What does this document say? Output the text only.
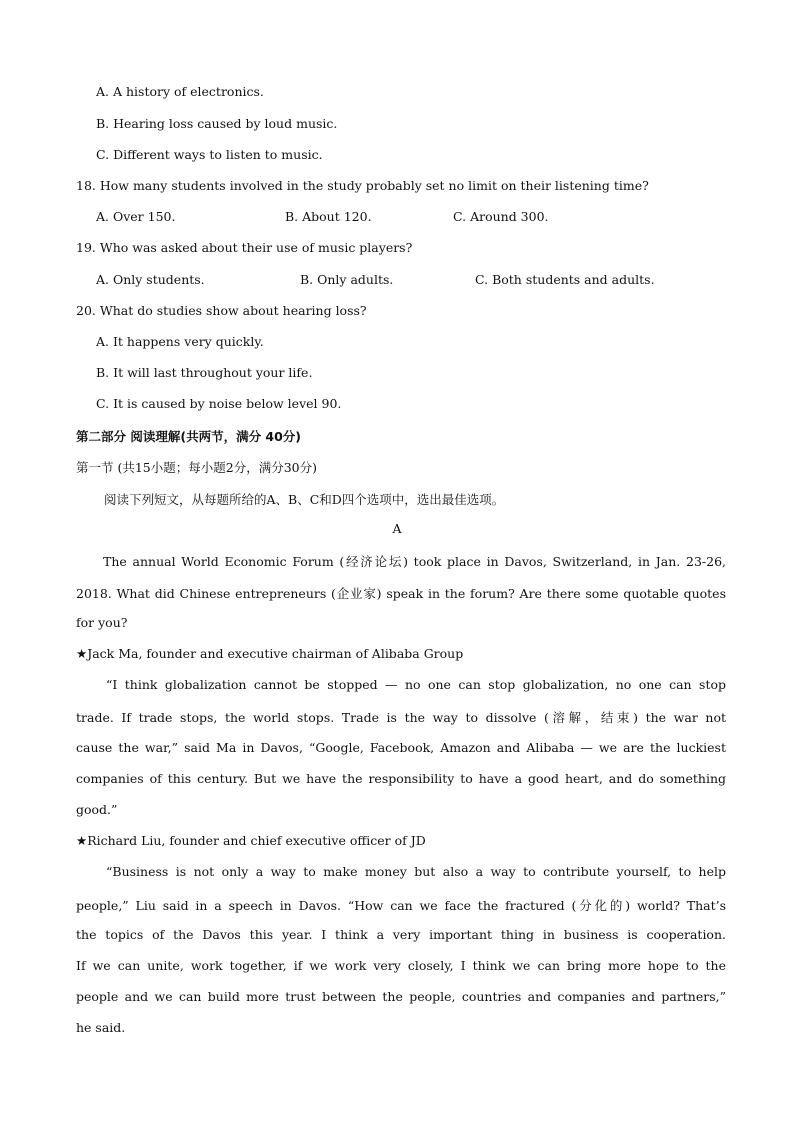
A. A history of electronics.
B. Hearing loss caused by loud music.
C. Different ways to listen to music.
18. How many students involved in the study probably set no limit on their listening time?
A. Over 150.	B. About 120.	C. Around 300.
19. Who was asked about their use of music players?
A. Only students.	B. Only adults.	C. Both students and adults.
20. What do studies show about hearing loss?
A. It happens very quickly.
B. It will last throughout your life.
C. It is caused by noise below level 90.
第二部分 阅读理解(共两节，满分 40分)
第一节 (共15小题；每小题2分，满分30分)
阅读下列短文，从每题所给的A、B、C和D四个选项中，选出最佳选项。
A
The annual World Economic Forum (经济论坛) took place in Davos, Switzerland, in Jan. 23-26,
2018. What did Chinese entrepreneurs (企业家) speak in the forum? Are there some quotable quotes
for you?
★Jack Ma, founder and executive chairman of Alibaba Group
“I think globalization cannot be stopped — no one can stop globalization, no one can stop
trade. If trade stops, the world stops. Trade is the way to dissolve (溶解，结束) the war not
cause the war,” said Ma in Davos, “Google, Facebook, Amazon and Alibaba — we are the luckiest
companies of this century. But we have the responsibility to have a good heart, and do something
good.”
★Richard Liu, founder and chief executive officer of JD
“Business is not only a way to make money but also a way to contribute yourself, to help
people,” Liu said in a speech in Davos. “How can we face the fractured (分化的) world? That’s
the topics of the Davos this year. I think a very important thing in business is cooperation.
If we can unite, work together, if we work very closely, I think we can bring more hope to the
people and we can build more trust between the people, countries and companies and partners,”
he said.
